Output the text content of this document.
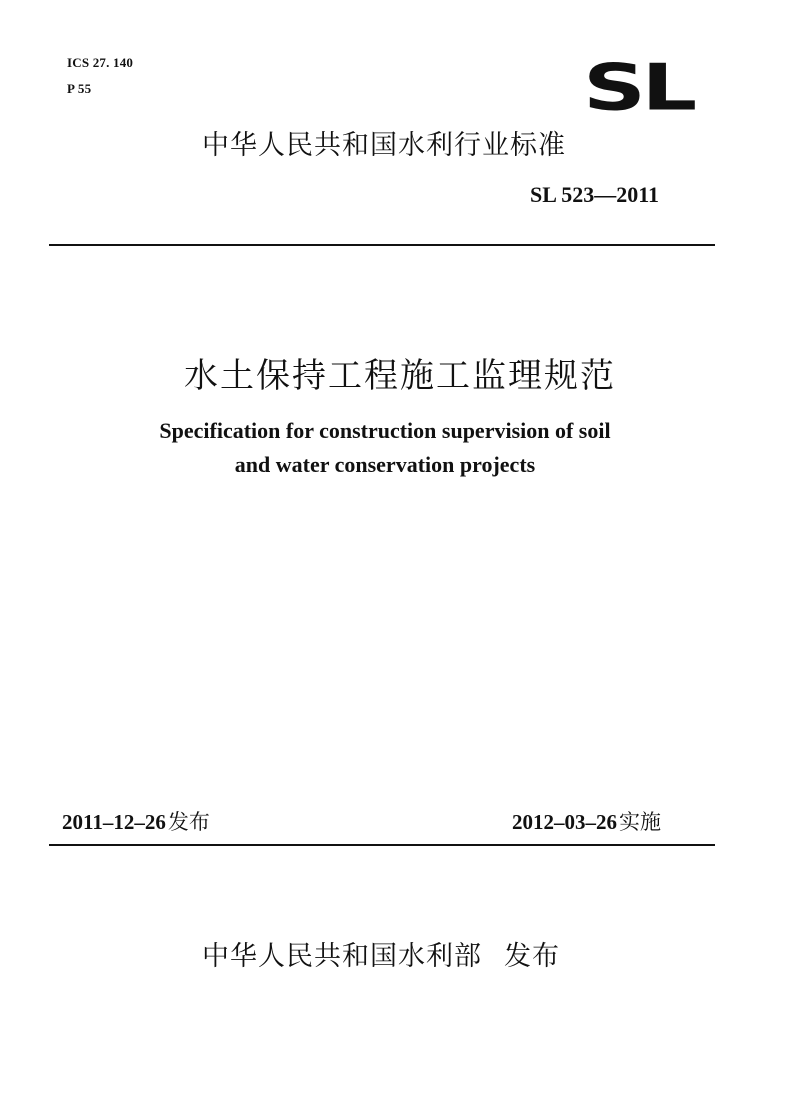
ICS 27. 140
P 55	SL
中华人民共和国水利行业标准
SL 523—2011
水土保持工程施工监理规范
Specification for construction supervision of soil
and water conservation projects
2011–12–26发布	2012–03–26实施
中华人民共和国水利部 发布
